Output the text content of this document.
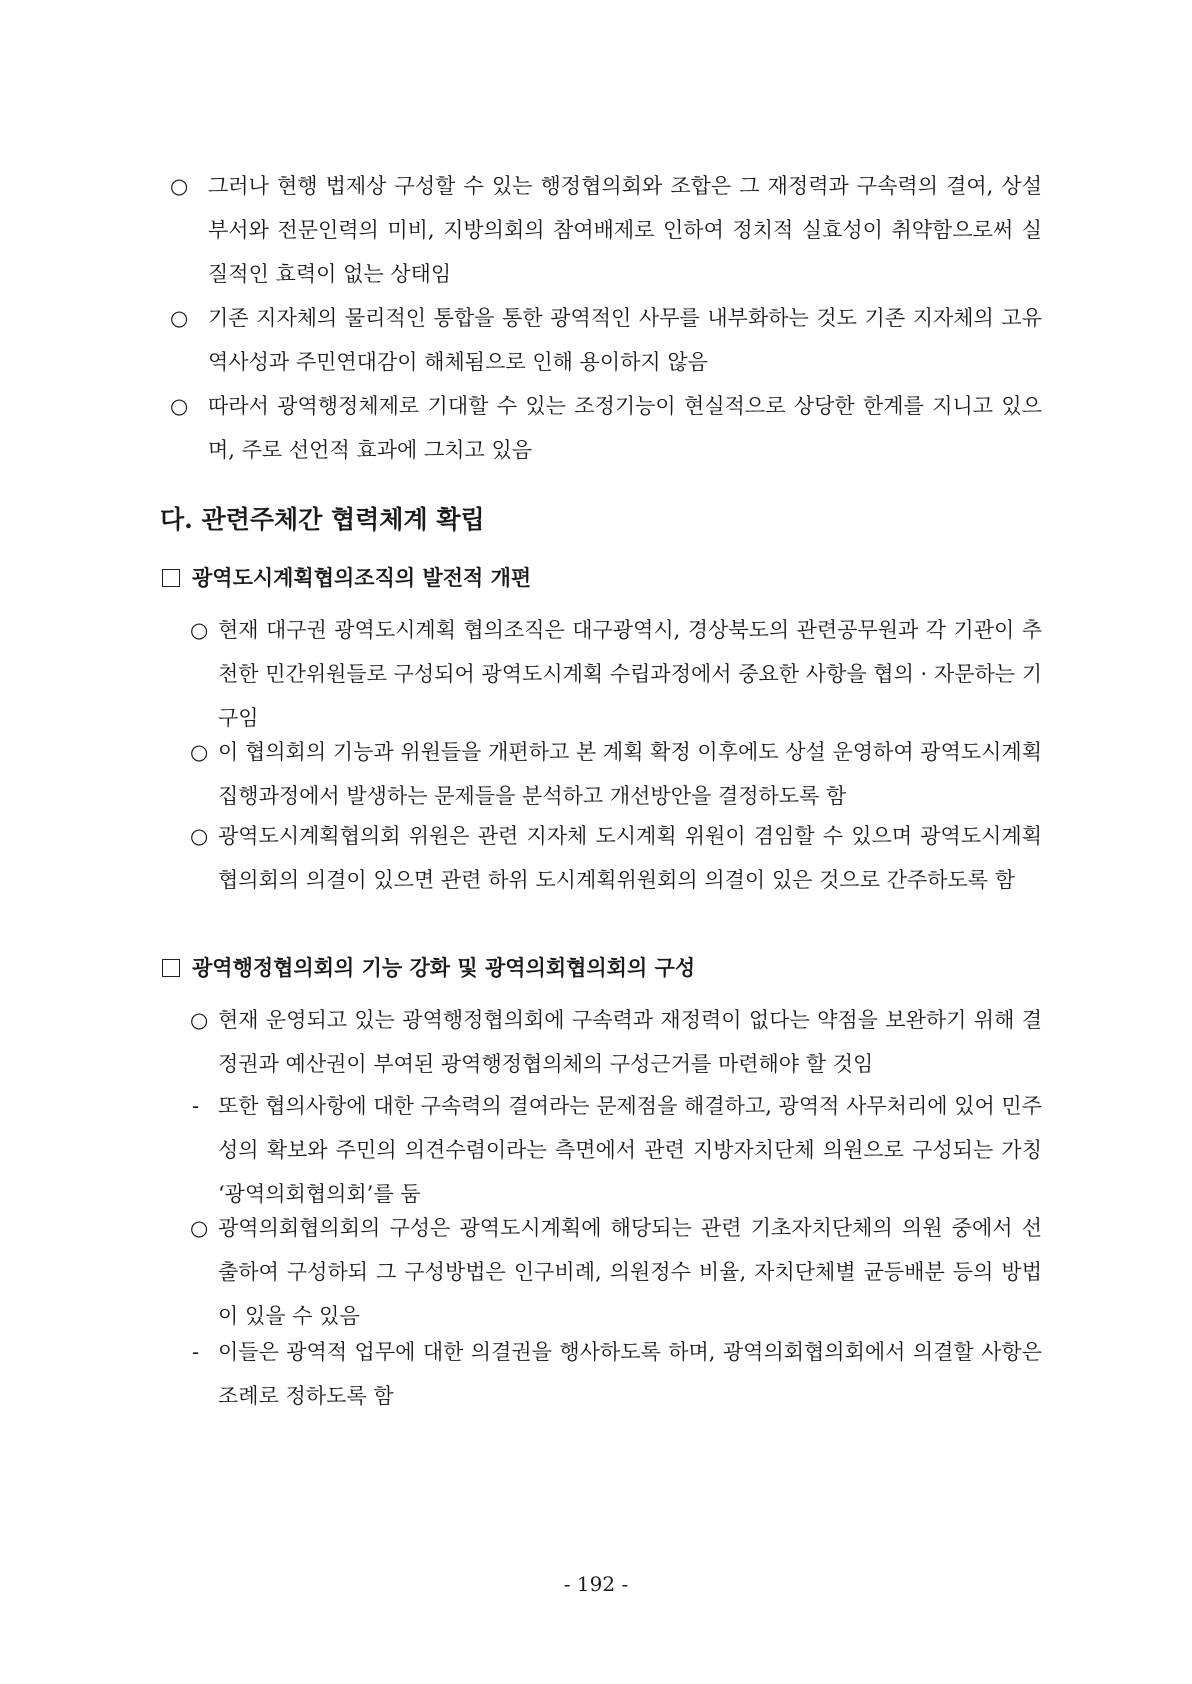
○ 그러나 현행 법제상 구성할 수 있는 행정협의회와 조합은 그 재정력과 구속력의 결여, 상설부서와 전문인력의 미비, 지방의회의 참여배제로 인하여 정치적 실효성이 취약함으로써 실질적인 효력이 없는 상태임
○ 기존 지자체의 물리적인 통합을 통한 광역적인 사무를 내부화하는 것도 기존 지자체의 고유역사성과 주민연대감이 해체됨으로 인해 용이하지 않음
○ 따라서 광역행정체제로 기대할 수 있는 조정기능이 현실적으로 상당한 한계를 지니고 있으며, 주로 선언적 효과에 그치고 있음
다. 관련주체간 협력체계 확립
광역도시계획협의조직의 발전적 개편
○ 현재 대구권 광역도시계획 협의조직은 대구광역시, 경상북도의 관련공무원과 각 기관이 추천한 민간위원들로 구성되어 광역도시계획 수립과정에서 중요한 사항을 협의 · 자문하는 기구임
○ 이 협의회의 기능과 위원들을 개편하고 본 계획 확정 이후에도 상설 운영하여 광역도시계획 집행과정에서 발생하는 문제들을 분석하고 개선방안을 결정하도록 함
○ 광역도시계획협의회 위원은 관련 지자체 도시계획 위원이 겸임할 수 있으며 광역도시계획협의회의 의결이 있으면 관련 하위 도시계획위원회의 의결이 있은 것으로 간주하도록 함
광역행정협의회의 기능 강화 및 광역의회협의회의 구성
○ 현재 운영되고 있는 광역행정협의회에 구속력과 재정력이 없다는 약점을 보완하기 위해 결정권과 예산권이 부여된 광역행정협의체의 구성근거를 마련해야 할 것임
- 또한 협의사항에 대한 구속력의 결여라는 문제점을 해결하고, 광역적 사무처리에 있어 민주성의 확보와 주민의 의견수렴이라는 측면에서 관련 지방자치단체 의원으로 구성되는 가칭 ‘광역의회협의회’를 둠
○ 광역의회협의회의 구성은 광역도시계획에 해당되는 관련 기초자치단체의 의원 중에서 선출하여 구성하되 그 구성방법은 인구비례, 의원정수 비율, 자치단체별 균등배분 등의 방법이 있을 수 있음
- 이들은 광역적 업무에 대한 의결권을 행사하도록 하며, 광역의회협의회에서 의결할 사항은 조례로 정하도록 함
- 192 -
